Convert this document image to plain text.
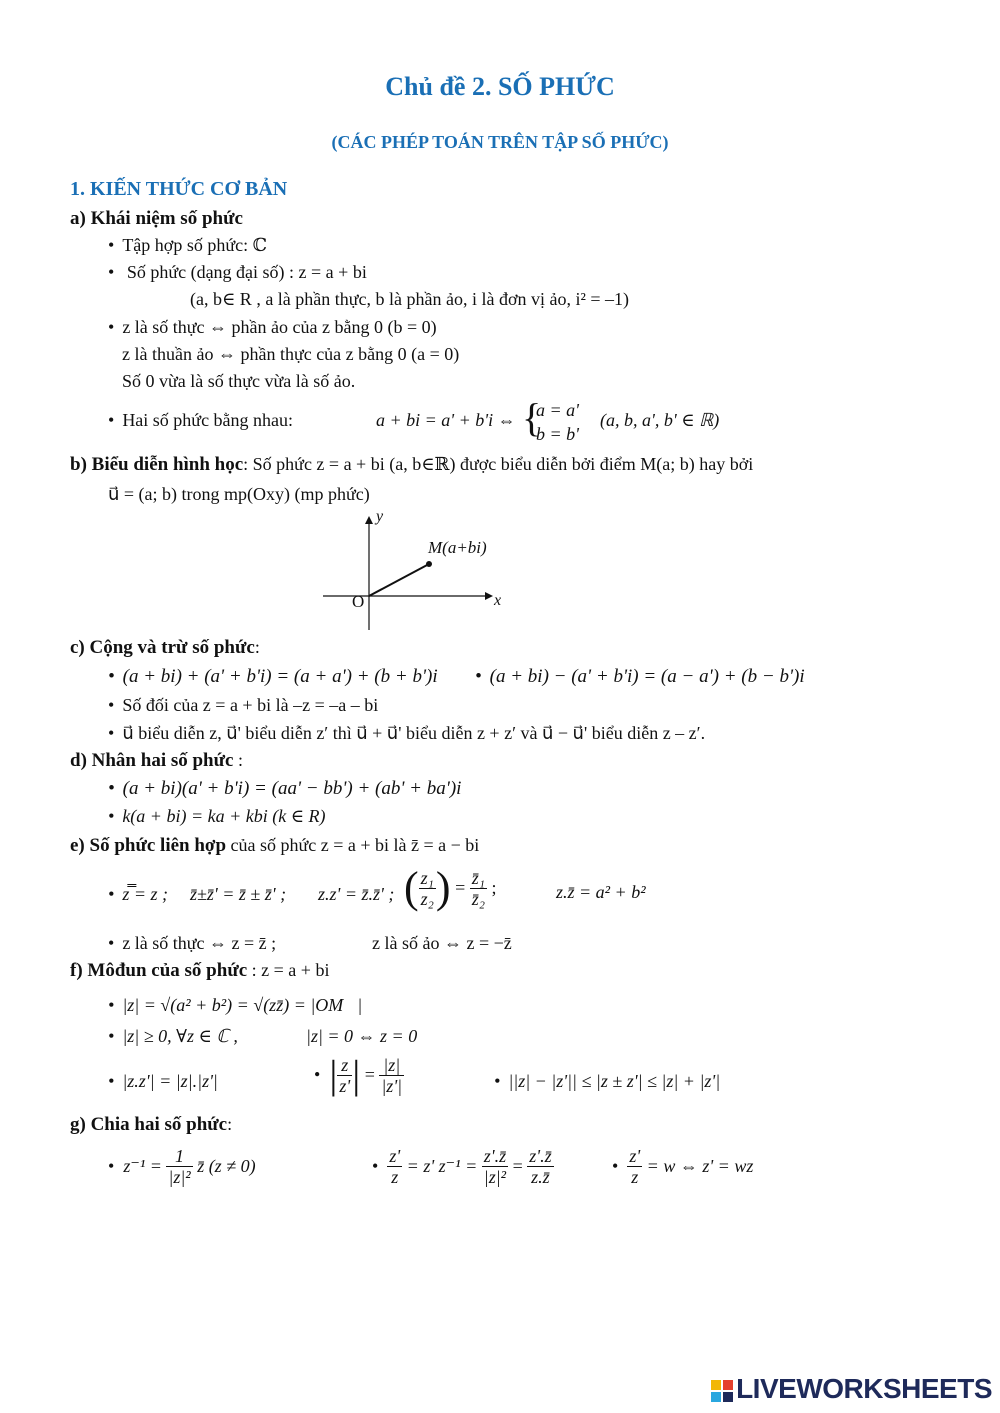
Chủ đề 2. SỐ PHỨC
(CÁC PHÉP TOÁN TRÊN TẬP SỐ PHỨC)
1. KIẾN THỨC CƠ BẢN
a) Khái niệm số phức
• Tập hợp số phức: ℂ
• Số phức (dạng đại số) : z = a + bi
(a, b∈ R , a là phần thực, b là phần ảo, i là đơn vị ảo, i² = –1)
• z là số thực ⇔ phần ảo của z bằng 0 (b = 0)
z là thuần ảo ⇔ phần thực của z bằng 0 (a = 0)
Số 0 vừa là số thực vừa là số ảo.
• Hai số phức bằng nhau:	a + bi = a' + b'i ⇔ {
a = a'
b = b'
(a, b, a', b' ∈ ℝ)
b) Biểu diễn hình học: Số phức z = a + bi (a, b∈ℝ) được biểu diễn bởi điểm M(a; b) hay bởi
u⃗ = (a; b) trong mp(Oxy) (mp phức)
y
x
O
M(a+bi)
c) Cộng và trừ số phức:
• (a + bi) + (a' + b'i) = (a + a') + (b + b')i	• (a + bi) − (a' + b'i) = (a − a') + (b − b')i
• Số đối của z = a + bi là –z = –a – bi
• u⃗ biểu diễn z, u⃗' biểu diễn z′ thì u⃗ + u⃗' biểu diễn z + z′ và u⃗ − u⃗' biểu diễn z – z′.
d) Nhân hai số phức :
• (a + bi)(a' + b'i) = (aa' − bb') + (ab' + ba')i
• k(a + bi) = ka + kbi (k ∈ R)
e) Số phức liên hợp của số phức z = a + bi là z̄ = a − bi
• z̿ = z ; z̄±z̄' = z̄ ± z̄' ; z.z' = z̄.z̄' ; ( $\frac{\text{z₁}}{\text{z₂}}$ ) = $\frac{\text{z̄₁}}{\text{z̄₂}}$ ;	z.z̄ = a² + b²
• z là số thực ⇔ z = z̄ ;	z là số ảo ⇔ z = −z̄
f) Môđun của số phức : z = a + bi
• |z| = √(a² + b²) = √(zz̄) = |OM⃗|
• |z| ≥ 0, ∀z ∈ ℂ ,	|z| = 0 ⇔ z = 0
• |z.z'| = |z|.|z'|	•  | $\frac{z}{z'}$ | = $\frac{|z|}{|z'|}$	• ||z| − |z'|| ≤ |z ± z'| ≤ |z| + |z'|
g) Chia hai số phức:
•  $z^{-1} = \frac{1}{\text{|z|²}}$ z̄ (z ≠ 0)	• $\frac{z'}{z} = z'$ $z^{-1} = \frac{z'.z̄}{\text{|z|²}} = \frac{z'.z̄}{z.z̄}$	• $\frac{z'}{z} = w$ ⇔ z' = wz
LIVEWORKSHEETS
